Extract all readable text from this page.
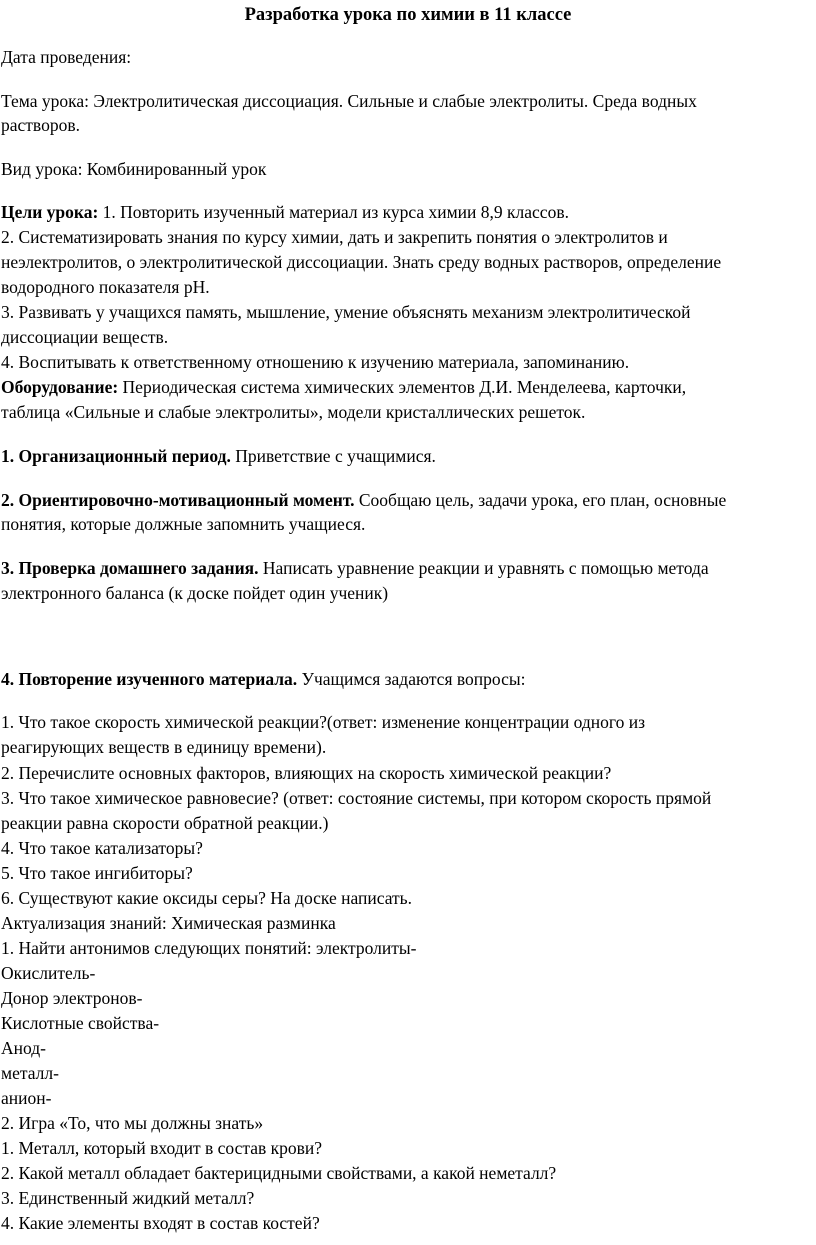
Разработка урока по химии в 11 классе
Дата проведения:
Тема урока: Электролитическая диссоциация. Сильные и слабые электролиты. Среда водных
растворов.
Вид урока: Комбинированный урок
Цели урока: 1. Повторить изученный материал из курса химии 8,9 классов.
2. Систематизировать знания по курсу химии, дать и закрепить понятия о электролитов и
неэлектролитов, о электролитической диссоциации. Знать среду водных растворов, определение
водородного показателя pH.
3. Развивать у учащихся память, мышление, умение объяснять механизм электролитической
диссоциации веществ.
4. Воспитывать к ответственному отношению к изучению материала, запоминанию.
Оборудование: Периодическая система химических элементов Д.И. Менделеева, карточки,
таблица «Сильные и слабые электролиты», модели кристаллических решеток.
1. Организационный период. Приветствие с учащимися.
2. Ориентировочно-мотивационный момент. Сообщаю цель, задачи урока, его план, основные
понятия, которые должные запомнить учащиеся.
3. Проверка домашнего задания. Написать уравнение реакции и уравнять с помощью метода
электронного баланса (к доске пойдет один ученик)
4. Повторение изученного материала. Учащимся задаются вопросы:
1. Что такое скорость химической реакции?(ответ: изменение концентрации одного из
реагирующих веществ в единицу времени).
2. Перечислите основных факторов, влияющих на скорость химической реакции?
3. Что такое химическое равновесие? (ответ: состояние системы, при котором скорость прямой
реакции равна скорости обратной реакции.)
4. Что такое катализаторы?
5. Что такое ингибиторы?
6. Существуют какие оксиды серы? На доске написать.
Актуализация знаний: Химическая разминка
1. Найти антонимов следующих понятий: электролиты-
Окислитель-
Донор электронов-
Кислотные свойства-
Анод-
металл-
анион-
2. Игра «То, что мы должны знать»
1. Металл, который входит в состав крови?
2. Какой металл обладает бактерицидными свойствами, а какой неметалл?
3. Единственный жидкий металл?
4. Какие элементы входят в состав костей?
